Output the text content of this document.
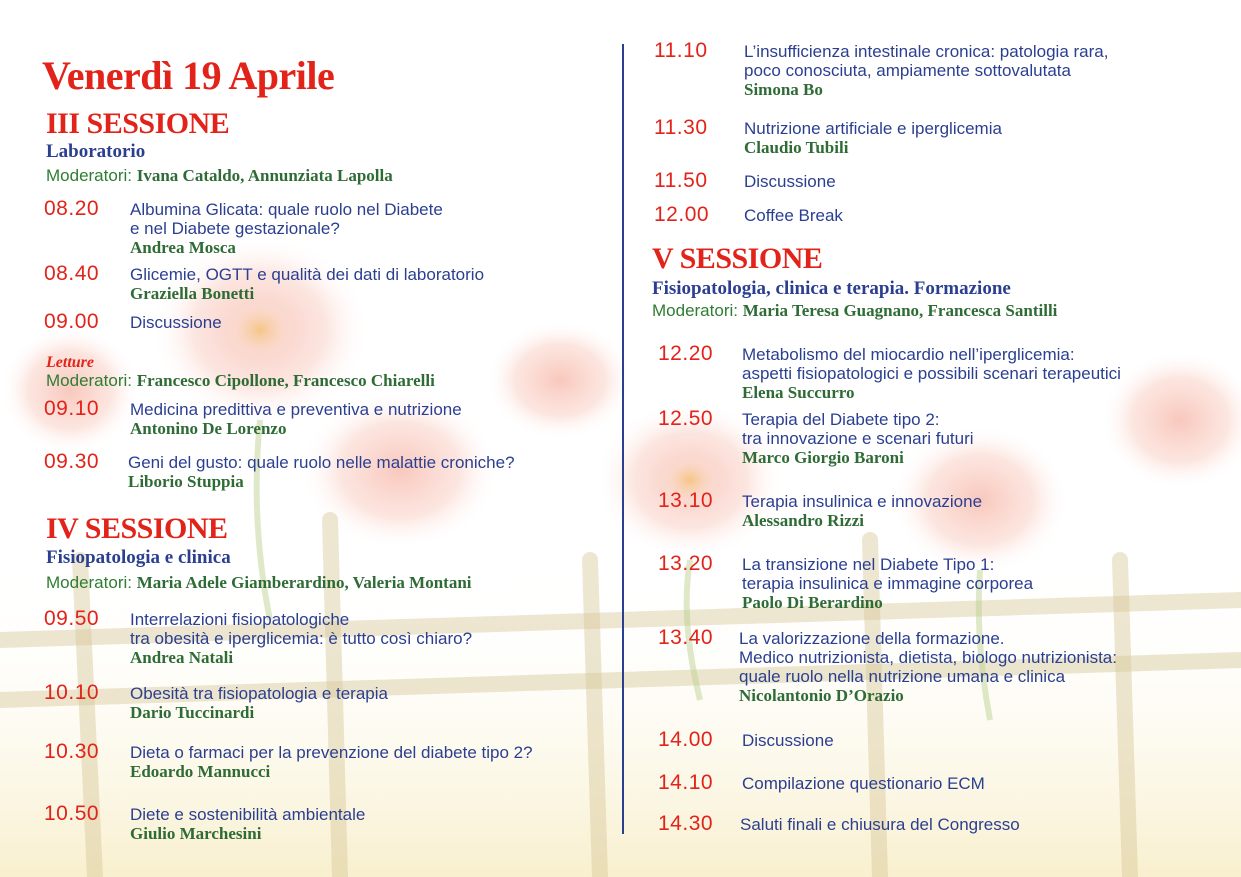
Venerdì 19 Aprile
III SESSIONE
Laboratorio
Moderatori: Ivana Cataldo, Annunziata Lapolla
08.20 Albumina Glicata: quale ruolo nel Diabete
e nel Diabete gestazionale?
Andrea Mosca
08.40 Glicemie, OGTT e qualità dei dati di laboratorio
Graziella Bonetti
09.00 Discussione
Letture
Moderatori: Francesco Cipollone, Francesco Chiarelli
09.10 Medicina predittiva e preventiva e nutrizione
Antonino De Lorenzo
09.30 Geni del gusto: quale ruolo nelle malattie croniche?
Liborio Stuppia
IV SESSIONE
Fisiopatologia e clinica
Moderatori: Maria Adele Giamberardino, Valeria Montani
09.50 Interrelazioni fisiopatologiche
tra obesità e iperglicemia: è tutto così chiaro?
Andrea Natali
10.10 Obesità tra fisiopatologia e terapia
Dario Tuccinardi
10.30 Dieta o farmaci per la prevenzione del diabete tipo 2?
Edoardo Mannucci
10.50 Diete e sostenibilità ambientale
Giulio Marchesini
11.10 L’insufficienza intestinale cronica: patologia rara,
poco conosciuta, ampiamente sottovalutata
Simona Bo
11.30 Nutrizione artificiale e iperglicemia
Claudio Tubili
11.50 Discussione
12.00 Coffee Break
V SESSIONE
Fisiopatologia, clinica e terapia. Formazione
Moderatori: Maria Teresa Guagnano, Francesca Santilli
12.20 Metabolismo del miocardio nell’iperglicemia:
aspetti fisiopatologici e possibili scenari terapeutici
Elena Succurro
12.50 Terapia del Diabete tipo 2:
tra innovazione e scenari futuri
Marco Giorgio Baroni
13.10 Terapia insulinica e innovazione
Alessandro Rizzi
13.20 La transizione nel Diabete Tipo 1:
terapia insulinica e immagine corporea
Paolo Di Berardino
13.40 La valorizzazione della formazione.
Medico nutrizionista, dietista, biologo nutrizionista:
quale ruolo nella nutrizione umana e clinica
Nicolantonio D’Orazio
14.00 Discussione
14.10 Compilazione questionario ECM
14.30 Saluti finali e chiusura del Congresso
